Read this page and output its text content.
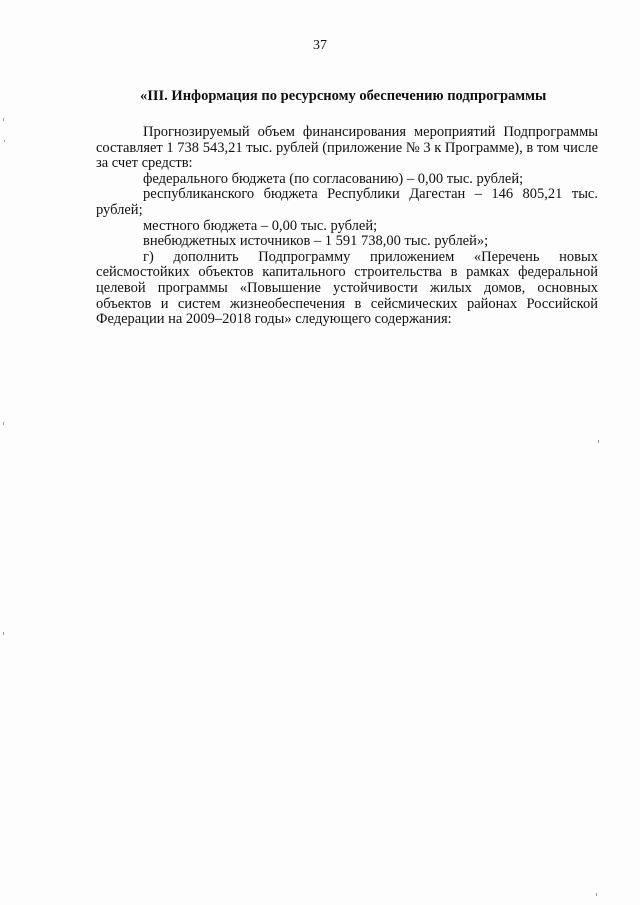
37
«III. Информация по ресурсному обеспечению подпрограммы

Прогнозируемый объем финансирования мероприятий Подпрограммы составляет 1 738 543,21 тыс. рублей (приложение № 3 к Программе), в том числе за счет средств:

федерального бюджета (по согласованию) – 0,00 тыс. рублей;

республиканского бюджета Республики Дагестан – 146 805,21 тыс. рублей;

местного бюджета – 0,00 тыс. рублей;

внебюджетных источников – 1 591 738,00 тыс. рублей»;

г) дополнить Подпрограмму приложением «Перечень новых сейсмостойких объектов капитального строительства в рамках федеральной целевой программы «Повышение устойчивости жилых домов, основных объектов и систем жизнеобеспечения в сейсмических районах Российской Федерации на 2009–2018 годы» следующего содержания:
